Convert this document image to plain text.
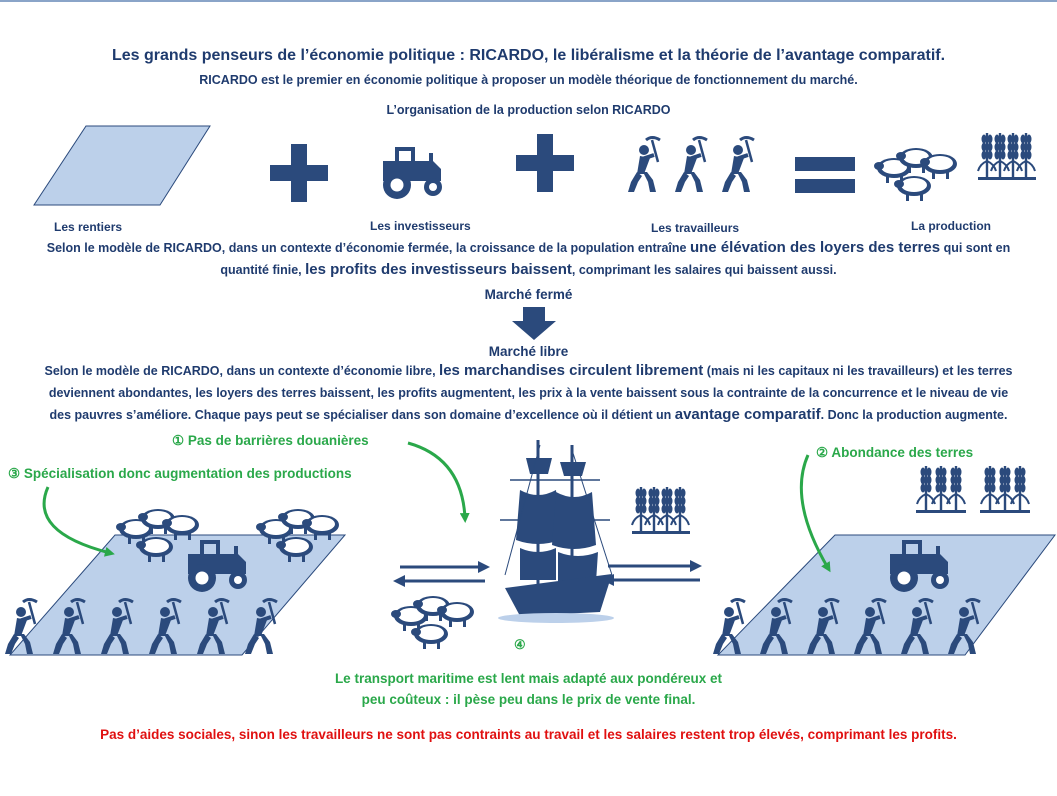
Les grands penseurs de l’économie politique : RICARDO, le libéralisme et la théorie de l’avantage comparatif.
RICARDO est le premier en économie politique à proposer un modèle théorique de fonctionnement du marché.
L’organisation de la production selon RICARDO
Les rentiers	Les investisseurs	Les travailleurs	La production
Selon le modèle de RICARDO, dans un contexte d’économie fermée, la croissance de la population entraîne une élévation des loyers des terres qui sont en
quantité finie, les profits des investisseurs baissent, comprimant les salaires qui baissent aussi.
Marché fermé
Marché libre
Selon le modèle de RICARDO, dans un contexte d’économie libre, les marchandises circulent librement (mais ni les capitaux ni les travailleurs) et les terres
deviennent abondantes, les loyers des terres baissent, les profits augmentent, les prix à la vente baissent sous la contrainte de la concurrence et le niveau de vie
des pauvres s’améliore. Chaque pays peut se spécialiser dans son domaine d’excellence où il détient un avantage comparatif. Donc la production augmente.
① Pas de barrières douanières
③ Spécialisation donc augmentation des productions
② Abondance des terres
④
Le transport maritime est lent mais adapté aux pondéreux et
peu coûteux : il pèse peu dans le prix de vente final.
Pas d’aides sociales, sinon les travailleurs ne sont pas contraints au travail et les salaires restent trop élevés, comprimant les profits.
